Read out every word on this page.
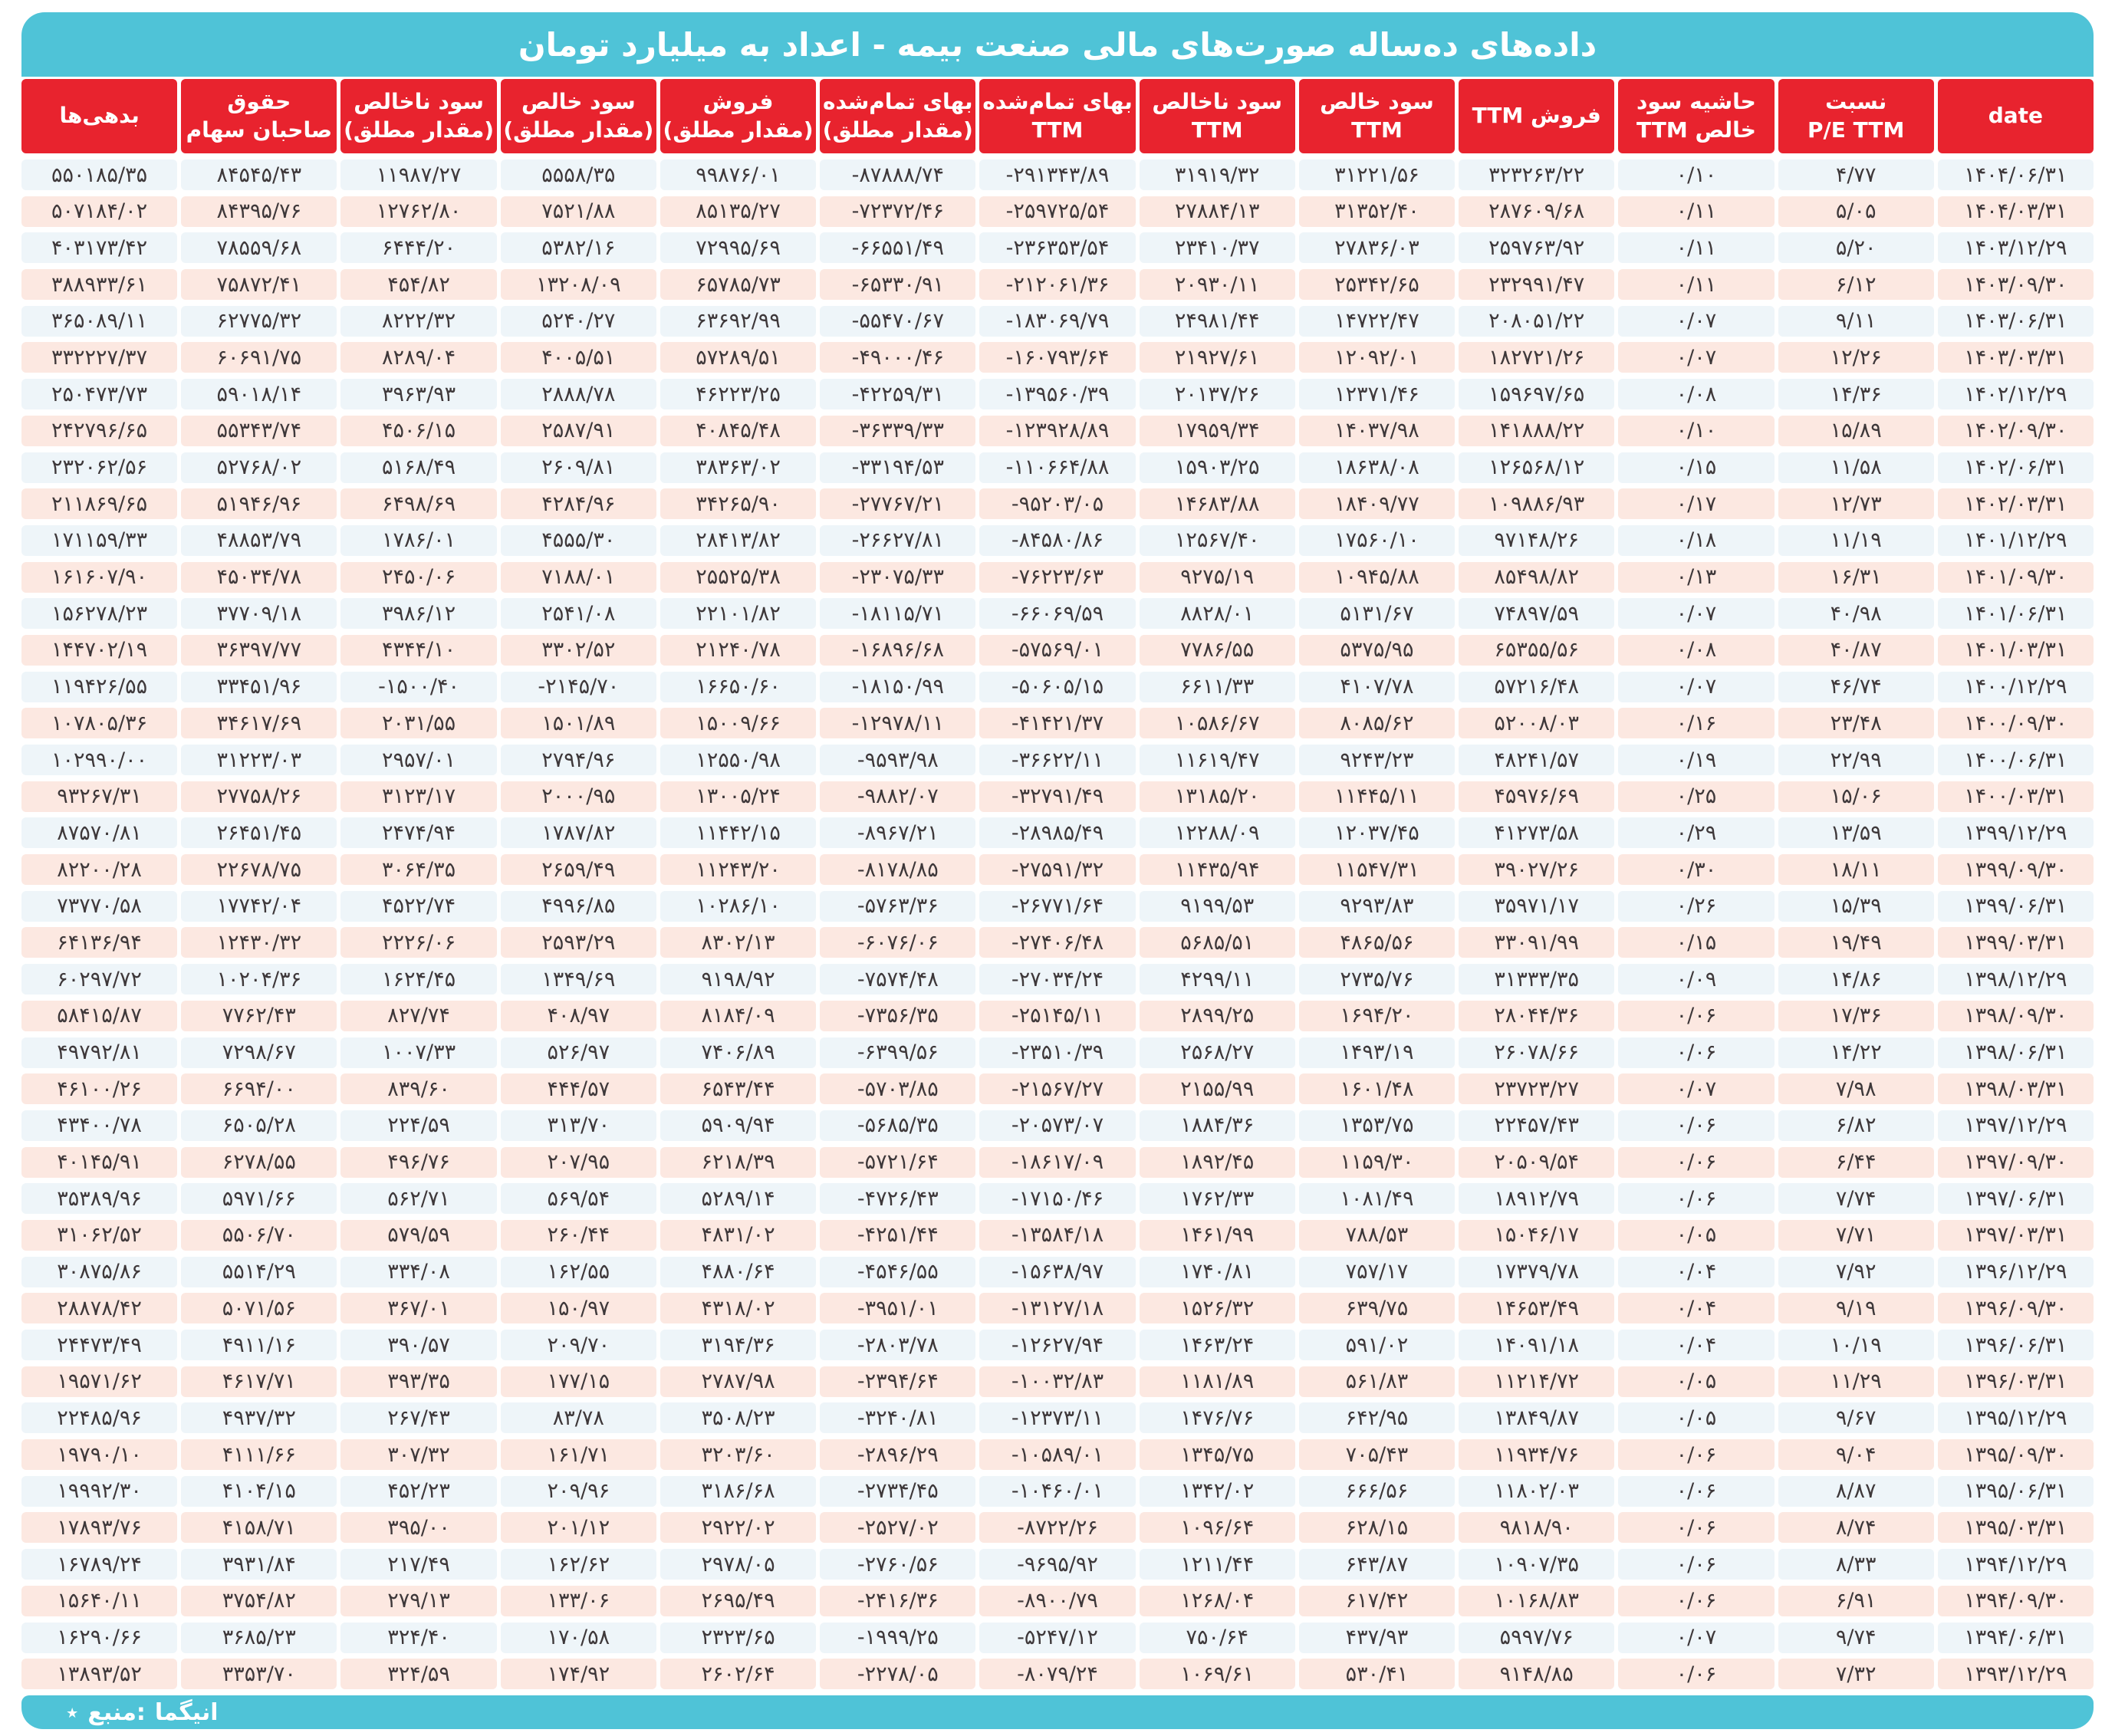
داده‌های ده‌ساله صورت‌های مالی صنعت بیمه - اعداد به میلیارد تومان
date
نسبت
P/E TTM
حاشیه سود
خالص TTM
فروش TTM
سود خالص
TTM
سود ناخالص
TTM
بهای تمام‌شده
TTM
بهای تمام‌شده
(مقدار مطلق)
فروش
(مقدار مطلق)
سود خالص
(مقدار مطلق)
سود ناخالص
(مقدار مطلق)
حقوق
صاحبان سهام
بدهی‌ها
۱۴۰۴/۰۶/۳۱
۴/۷۷
۰/۱۰
۳۲۳۲۶۳/۲۲
۳۱۲۲۱/۵۶
۳۱۹۱۹/۳۲
-۲۹۱۳۴۳/۸۹
-۸۷۸۸۸/۷۴
۹۹۸۷۶/۰۱
۵۵۵۸/۳۵
۱۱۹۸۷/۲۷
۸۴۵۴۵/۴۳
۵۵۰۱۸۵/۳۵
۱۴۰۴/۰۳/۳۱
۵/۰۵
۰/۱۱
۲۸۷۶۰۹/۶۸
۳۱۳۵۲/۴۰
۲۷۸۸۴/۱۳
-۲۵۹۷۲۵/۵۴
-۷۲۳۷۲/۴۶
۸۵۱۳۵/۲۷
۷۵۲۱/۸۸
۱۲۷۶۲/۸۰
۸۴۳۹۵/۷۶
۵۰۷۱۸۴/۰۲
۱۴۰۳/۱۲/۲۹
۵/۲۰
۰/۱۱
۲۵۹۷۶۳/۹۲
۲۷۸۳۶/۰۳
۲۳۴۱۰/۳۷
-۲۳۶۳۵۳/۵۴
-۶۶۵۵۱/۴۹
۷۲۹۹۵/۶۹
۵۳۸۲/۱۶
۶۴۴۴/۲۰
۷۸۵۵۹/۶۸
۴۰۳۱۷۳/۴۲
۱۴۰۳/۰۹/۳۰
۶/۱۲
۰/۱۱
۲۳۲۹۹۱/۴۷
۲۵۳۴۲/۶۵
۲۰۹۳۰/۱۱
-۲۱۲۰۶۱/۳۶
-۶۵۳۳۰/۹۱
۶۵۷۸۵/۷۳
۱۳۲۰۸/۰۹
۴۵۴/۸۲
۷۵۸۷۲/۴۱
۳۸۸۹۳۳/۶۱
۱۴۰۳/۰۶/۳۱
۹/۱۱
۰/۰۷
۲۰۸۰۵۱/۲۲
۱۴۷۲۲/۴۷
۲۴۹۸۱/۴۴
-۱۸۳۰۶۹/۷۹
-۵۵۴۷۰/۶۷
۶۳۶۹۲/۹۹
۵۲۴۰/۲۷
۸۲۲۲/۳۲
۶۲۷۷۵/۳۲
۳۶۵۰۸۹/۱۱
۱۴۰۳/۰۳/۳۱
۱۲/۲۶
۰/۰۷
۱۸۲۷۲۱/۲۶
۱۲۰۹۲/۰۱
۲۱۹۲۷/۶۱
-۱۶۰۷۹۳/۶۴
-۴۹۰۰۰/۴۶
۵۷۲۸۹/۵۱
۴۰۰۵/۵۱
۸۲۸۹/۰۴
۶۰۶۹۱/۷۵
۳۳۲۲۲۷/۳۷
۱۴۰۲/۱۲/۲۹
۱۴/۳۶
۰/۰۸
۱۵۹۶۹۷/۶۵
۱۲۳۷۱/۴۶
۲۰۱۳۷/۲۶
-۱۳۹۵۶۰/۳۹
-۴۲۲۵۹/۳۱
۴۶۲۲۳/۲۵
۲۸۸۸/۷۸
۳۹۶۳/۹۳
۵۹۰۱۸/۱۴
۲۵۰۴۷۳/۷۳
۱۴۰۲/۰۹/۳۰
۱۵/۸۹
۰/۱۰
۱۴۱۸۸۸/۲۲
۱۴۰۳۷/۹۸
۱۷۹۵۹/۳۴
-۱۲۳۹۲۸/۸۹
-۳۶۳۳۹/۳۳
۴۰۸۴۵/۴۸
۲۵۸۷/۹۱
۴۵۰۶/۱۵
۵۵۳۴۳/۷۴
۲۴۲۷۹۶/۶۵
۱۴۰۲/۰۶/۳۱
۱۱/۵۸
۰/۱۵
۱۲۶۵۶۸/۱۲
۱۸۶۳۸/۰۸
۱۵۹۰۳/۲۵
-۱۱۰۶۶۴/۸۸
-۳۳۱۹۴/۵۳
۳۸۳۶۳/۰۲
۲۶۰۹/۸۱
۵۱۶۸/۴۹
۵۲۷۶۸/۰۲
۲۳۲۰۶۲/۵۶
۱۴۰۲/۰۳/۳۱
۱۲/۷۳
۰/۱۷
۱۰۹۸۸۶/۹۳
۱۸۴۰۹/۷۷
۱۴۶۸۳/۸۸
-۹۵۲۰۳/۰۵
-۲۷۷۶۷/۲۱
۳۴۲۶۵/۹۰
۴۲۸۴/۹۶
۶۴۹۸/۶۹
۵۱۹۴۶/۹۶
۲۱۱۸۶۹/۶۵
۱۴۰۱/۱۲/۲۹
۱۱/۱۹
۰/۱۸
۹۷۱۴۸/۲۶
۱۷۵۶۰/۱۰
۱۲۵۶۷/۴۰
-۸۴۵۸۰/۸۶
-۲۶۶۲۷/۸۱
۲۸۴۱۳/۸۲
۴۵۵۵/۳۰
۱۷۸۶/۰۱
۴۸۸۵۳/۷۹
۱۷۱۱۵۹/۳۳
۱۴۰۱/۰۹/۳۰
۱۶/۳۱
۰/۱۳
۸۵۴۹۸/۸۲
۱۰۹۴۵/۸۸
۹۲۷۵/۱۹
-۷۶۲۲۳/۶۳
-۲۳۰۷۵/۳۳
۲۵۵۲۵/۳۸
۷۱۸۸/۰۱
۲۴۵۰/۰۶
۴۵۰۳۴/۷۸
۱۶۱۶۰۷/۹۰
۱۴۰۱/۰۶/۳۱
۴۰/۹۸
۰/۰۷
۷۴۸۹۷/۵۹
۵۱۳۱/۶۷
۸۸۲۸/۰۱
-۶۶۰۶۹/۵۹
-۱۸۱۱۵/۷۱
۲۲۱۰۱/۸۲
۲۵۴۱/۰۸
۳۹۸۶/۱۲
۳۷۷۰۹/۱۸
۱۵۶۲۷۸/۲۳
۱۴۰۱/۰۳/۳۱
۴۰/۸۷
۰/۰۸
۶۵۳۵۵/۵۶
۵۳۷۵/۹۵
۷۷۸۶/۵۵
-۵۷۵۶۹/۰۱
-۱۶۸۹۶/۶۸
۲۱۲۴۰/۷۸
۳۳۰۲/۵۲
۴۳۴۴/۱۰
۳۶۳۹۷/۷۷
۱۴۴۷۰۲/۱۹
۱۴۰۰/۱۲/۲۹
۴۶/۷۴
۰/۰۷
۵۷۲۱۶/۴۸
۴۱۰۷/۷۸
۶۶۱۱/۳۳
-۵۰۶۰۵/۱۵
-۱۸۱۵۰/۹۹
۱۶۶۵۰/۶۰
-۲۱۴۵/۷۰
-۱۵۰۰/۴۰
۳۳۴۵۱/۹۶
۱۱۹۴۲۶/۵۵
۱۴۰۰/۰۹/۳۰
۲۳/۴۸
۰/۱۶
۵۲۰۰۸/۰۳
۸۰۸۵/۶۲
۱۰۵۸۶/۶۷
-۴۱۴۲۱/۳۷
-۱۲۹۷۸/۱۱
۱۵۰۰۹/۶۶
۱۵۰۱/۸۹
۲۰۳۱/۵۵
۳۴۶۱۷/۶۹
۱۰۷۸۰۵/۳۶
۱۴۰۰/۰۶/۳۱
۲۲/۹۹
۰/۱۹
۴۸۲۴۱/۵۷
۹۲۴۳/۲۳
۱۱۶۱۹/۴۷
-۳۶۶۲۲/۱۱
-۹۵۹۳/۹۸
۱۲۵۵۰/۹۸
۲۷۹۴/۹۶
۲۹۵۷/۰۱
۳۱۲۲۳/۰۳
۱۰۲۹۹۰/۰۰
۱۴۰۰/۰۳/۳۱
۱۵/۰۶
۰/۲۵
۴۵۹۷۶/۶۹
۱۱۴۴۵/۱۱
۱۳۱۸۵/۲۰
-۳۲۷۹۱/۴۹
-۹۸۸۲/۰۷
۱۳۰۰۵/۲۴
۲۰۰۰/۹۵
۳۱۲۳/۱۷
۲۷۷۵۸/۲۶
۹۳۲۶۷/۳۱
۱۳۹۹/۱۲/۲۹
۱۳/۵۹
۰/۲۹
۴۱۲۷۳/۵۸
۱۲۰۳۷/۴۵
۱۲۲۸۸/۰۹
-۲۸۹۸۵/۴۹
-۸۹۶۷/۲۱
۱۱۴۴۲/۱۵
۱۷۸۷/۸۲
۲۴۷۴/۹۴
۲۶۴۵۱/۴۵
۸۷۵۷۰/۸۱
۱۳۹۹/۰۹/۳۰
۱۸/۱۱
۰/۳۰
۳۹۰۲۷/۲۶
۱۱۵۴۷/۳۱
۱۱۴۳۵/۹۴
-۲۷۵۹۱/۳۲
-۸۱۷۸/۸۵
۱۱۲۴۳/۲۰
۲۶۵۹/۴۹
۳۰۶۴/۳۵
۲۲۶۷۸/۷۵
۸۲۲۰۰/۲۸
۱۳۹۹/۰۶/۳۱
۱۵/۳۹
۰/۲۶
۳۵۹۷۱/۱۷
۹۲۹۳/۸۳
۹۱۹۹/۵۳
-۲۶۷۷۱/۶۴
-۵۷۶۳/۳۶
۱۰۲۸۶/۱۰
۴۹۹۶/۸۵
۴۵۲۲/۷۴
۱۷۷۴۲/۰۴
۷۳۷۷۰/۵۸
۱۳۹۹/۰۳/۳۱
۱۹/۴۹
۰/۱۵
۳۳۰۹۱/۹۹
۴۸۶۵/۵۶
۵۶۸۵/۵۱
-۲۷۴۰۶/۴۸
-۶۰۷۶/۰۶
۸۳۰۲/۱۳
۲۵۹۳/۲۹
۲۲۲۶/۰۶
۱۲۴۳۰/۳۲
۶۴۱۳۶/۹۴
۱۳۹۸/۱۲/۲۹
۱۴/۸۶
۰/۰۹
۳۱۳۳۳/۳۵
۲۷۳۵/۷۶
۴۲۹۹/۱۱
-۲۷۰۳۴/۲۴
-۷۵۷۴/۴۸
۹۱۹۸/۹۲
۱۳۴۹/۶۹
۱۶۲۴/۴۵
۱۰۲۰۴/۳۶
۶۰۲۹۷/۷۲
۱۳۹۸/۰۹/۳۰
۱۷/۳۶
۰/۰۶
۲۸۰۴۴/۳۶
۱۶۹۴/۲۰
۲۸۹۹/۲۵
-۲۵۱۴۵/۱۱
-۷۳۵۶/۳۵
۸۱۸۴/۰۹
۴۰۸/۹۷
۸۲۷/۷۴
۷۷۶۲/۴۳
۵۸۴۱۵/۸۷
۱۳۹۸/۰۶/۳۱
۱۴/۲۲
۰/۰۶
۲۶۰۷۸/۶۶
۱۴۹۳/۱۹
۲۵۶۸/۲۷
-۲۳۵۱۰/۳۹
-۶۳۹۹/۵۶
۷۴۰۶/۸۹
۵۲۶/۹۷
۱۰۰۷/۳۳
۷۲۹۸/۶۷
۴۹۷۹۲/۸۱
۱۳۹۸/۰۳/۳۱
۷/۹۸
۰/۰۷
۲۳۷۲۳/۲۷
۱۶۰۱/۴۸
۲۱۵۵/۹۹
-۲۱۵۶۷/۲۷
-۵۷۰۳/۸۵
۶۵۴۳/۴۴
۴۴۴/۵۷
۸۳۹/۶۰
۶۶۹۴/۰۰
۴۶۱۰۰/۲۶
۱۳۹۷/۱۲/۲۹
۶/۸۲
۰/۰۶
۲۲۴۵۷/۴۳
۱۳۵۳/۷۵
۱۸۸۴/۳۶
-۲۰۵۷۳/۰۷
-۵۶۸۵/۳۵
۵۹۰۹/۹۴
۳۱۳/۷۰
۲۲۴/۵۹
۶۵۰۵/۲۸
۴۳۴۰۰/۷۸
۱۳۹۷/۰۹/۳۰
۶/۴۴
۰/۰۶
۲۰۵۰۹/۵۴
۱۱۵۹/۳۰
۱۸۹۲/۴۵
-۱۸۶۱۷/۰۹
-۵۷۲۱/۶۴
۶۲۱۸/۳۹
۲۰۷/۹۵
۴۹۶/۷۶
۶۲۷۸/۵۵
۴۰۱۴۵/۹۱
۱۳۹۷/۰۶/۳۱
۷/۷۴
۰/۰۶
۱۸۹۱۲/۷۹
۱۰۸۱/۴۹
۱۷۶۲/۳۳
-۱۷۱۵۰/۴۶
-۴۷۲۶/۴۳
۵۲۸۹/۱۴
۵۶۹/۵۴
۵۶۲/۷۱
۵۹۷۱/۶۶
۳۵۳۸۹/۹۶
۱۳۹۷/۰۳/۳۱
۷/۷۱
۰/۰۵
۱۵۰۴۶/۱۷
۷۸۸/۵۳
۱۴۶۱/۹۹
-۱۳۵۸۴/۱۸
-۴۲۵۱/۴۴
۴۸۳۱/۰۲
۲۶۰/۴۴
۵۷۹/۵۹
۵۵۰۶/۷۰
۳۱۰۶۲/۵۲
۱۳۹۶/۱۲/۲۹
۷/۹۲
۰/۰۴
۱۷۳۷۹/۷۸
۷۵۷/۱۷
۱۷۴۰/۸۱
-۱۵۶۳۸/۹۷
-۴۵۴۶/۵۵
۴۸۸۰/۶۴
۱۶۲/۵۵
۳۳۴/۰۸
۵۵۱۴/۲۹
۳۰۸۷۵/۸۶
۱۳۹۶/۰۹/۳۰
۹/۱۹
۰/۰۴
۱۴۶۵۳/۴۹
۶۳۹/۷۵
۱۵۲۶/۳۲
-۱۳۱۲۷/۱۸
-۳۹۵۱/۰۱
۴۳۱۸/۰۲
۱۵۰/۹۷
۳۶۷/۰۱
۵۰۷۱/۵۶
۲۸۸۷۸/۴۲
۱۳۹۶/۰۶/۳۱
۱۰/۱۹
۰/۰۴
۱۴۰۹۱/۱۸
۵۹۱/۰۲
۱۴۶۳/۲۴
-۱۲۶۲۷/۹۴
-۲۸۰۳/۷۸
۳۱۹۴/۳۶
۲۰۹/۷۰
۳۹۰/۵۷
۴۹۱۱/۱۶
۲۴۴۷۳/۴۹
۱۳۹۶/۰۳/۳۱
۱۱/۲۹
۰/۰۵
۱۱۲۱۴/۷۲
۵۶۱/۸۳
۱۱۸۱/۸۹
-۱۰۰۳۲/۸۳
-۲۳۹۴/۶۴
۲۷۸۷/۹۸
۱۷۷/۱۵
۳۹۳/۳۵
۴۶۱۷/۷۱
۱۹۵۷۱/۶۲
۱۳۹۵/۱۲/۲۹
۹/۶۷
۰/۰۵
۱۳۸۴۹/۸۷
۶۴۲/۹۵
۱۴۷۶/۷۶
-۱۲۳۷۳/۱۱
-۳۲۴۰/۸۱
۳۵۰۸/۲۳
۸۳/۷۸
۲۶۷/۴۳
۴۹۳۷/۳۲
۲۲۴۸۵/۹۶
۱۳۹۵/۰۹/۳۰
۹/۰۴
۰/۰۶
۱۱۹۳۴/۷۶
۷۰۵/۴۳
۱۳۴۵/۷۵
-۱۰۵۸۹/۰۱
-۲۸۹۶/۲۹
۳۲۰۳/۶۰
۱۶۱/۷۱
۳۰۷/۳۲
۴۱۱۱/۶۶
۱۹۷۹۰/۱۰
۱۳۹۵/۰۶/۳۱
۸/۸۷
۰/۰۶
۱۱۸۰۲/۰۳
۶۶۶/۵۶
۱۳۴۲/۰۲
-۱۰۴۶۰/۰۱
-۲۷۳۴/۴۵
۳۱۸۶/۶۸
۲۰۹/۹۶
۴۵۲/۲۳
۴۱۰۴/۱۵
۱۹۹۹۲/۳۰
۱۳۹۵/۰۳/۳۱
۸/۷۴
۰/۰۶
۹۸۱۸/۹۰
۶۲۸/۱۵
۱۰۹۶/۶۴
-۸۷۲۲/۲۶
-۲۵۲۷/۰۲
۲۹۲۲/۰۲
۲۰۱/۱۲
۳۹۵/۰۰
۴۱۵۸/۷۱
۱۷۸۹۳/۷۶
۱۳۹۴/۱۲/۲۹
۸/۳۳
۰/۰۶
۱۰۹۰۷/۳۵
۶۴۳/۸۷
۱۲۱۱/۴۴
-۹۶۹۵/۹۲
-۲۷۶۰/۵۶
۲۹۷۸/۰۵
۱۶۲/۶۲
۲۱۷/۴۹
۳۹۳۱/۸۴
۱۶۷۸۹/۲۴
۱۳۹۴/۰۹/۳۰
۶/۹۱
۰/۰۶
۱۰۱۶۸/۸۳
۶۱۷/۴۲
۱۲۶۸/۰۴
-۸۹۰۰/۷۹
-۲۴۱۶/۳۶
۲۶۹۵/۴۹
۱۳۳/۰۶
۲۷۹/۱۳
۳۷۵۴/۸۲
۱۵۶۴۰/۱۱
۱۳۹۴/۰۶/۳۱
۹/۷۴
۰/۰۷
۵۹۹۷/۷۶
۴۳۷/۹۳
۷۵۰/۶۴
-۵۲۴۷/۱۲
-۱۹۹۹/۲۵
۲۳۲۳/۶۵
۱۷۰/۵۸
۳۲۴/۴۰
۳۶۸۵/۲۳
۱۶۲۹۰/۶۶
۱۳۹۳/۱۲/۲۹
۷/۳۲
۰/۰۶
۹۱۴۸/۸۵
۵۳۰/۴۱
۱۰۶۹/۶۱
-۸۰۷۹/۲۴
-۲۲۷۸/۰۵
۲۶۰۲/۶۴
۱۷۴/۹۲
۳۲۴/۵۹
۳۳۵۳/۷۰
۱۳۸۹۳/۵۲
٭ منبع: انیگما
